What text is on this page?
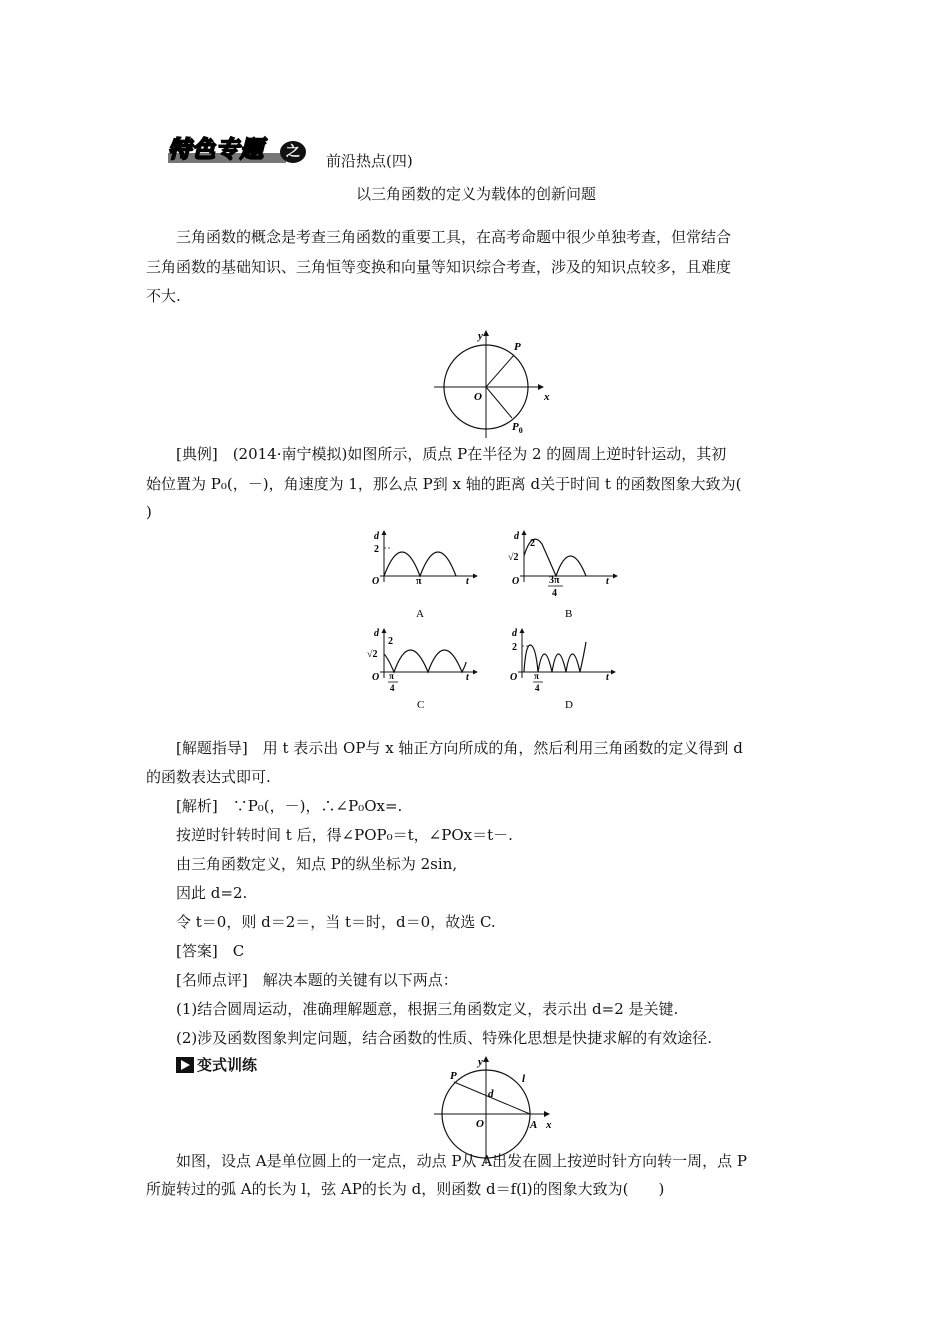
特色专题	之	前沿热点(四)
以三角函数的定义为载体的创新问题
三角函数的概念是考查三角函数的重要工具，在高考命题中很少单独考查，但常结合
三角函数的基础知识、三角恒等变换和向量等知识综合考查，涉及的知识点较多，且难度
不大.
y
x
O
P
$P_0$
[典例]　(2014·南宁模拟)如图所示，质点 P在半径为 2 的圆周上逆时针运动，其初
始位置为 P₀(，－)，角速度为 1，那么点 P到 x 轴的距离 d关于时间 t 的函数图象大致为(
)
d
2
O	π	t
A
d
2
√2
O	3π
4
t
B
d
2
√2
O π
4
t
C
d
2
O π
4
t
D
[解题指导]　用 t 表示出 OP与 x 轴正方向所成的角，然后利用三角函数的定义得到 d
的函数表达式即可.
[解析]　∵P₀(，－)，∴∠P₀Ox=.
按逆时针转时间 t 后，得∠POP₀＝t，∠POx＝t－.
由三角函数定义，知点 P的纵坐标为 2sin,
因此 d=2.
令 t＝0，则 d＝2＝，当 t＝时，d＝0，故选 C.
[答案]　C
[名师点评]　解决本题的关键有以下两点：
(1)结合圆周运动，准确理解题意，根据三角函数定义，表示出 d=2 是关键.
(2)涉及函数图象判定问题，结合函数的性质、特殊化思想是快捷求解的有效途径.
变式训练	y
x
O
P
A
d
l
如图，设点 A是单位圆上的一定点，动点 P从 A出发在圆上按逆时针方向转一周，点 P
所旋转过的弧 A的长为 l，弦 AP的长为 d，则函数 d＝f(l)的图象大致为(　　)
